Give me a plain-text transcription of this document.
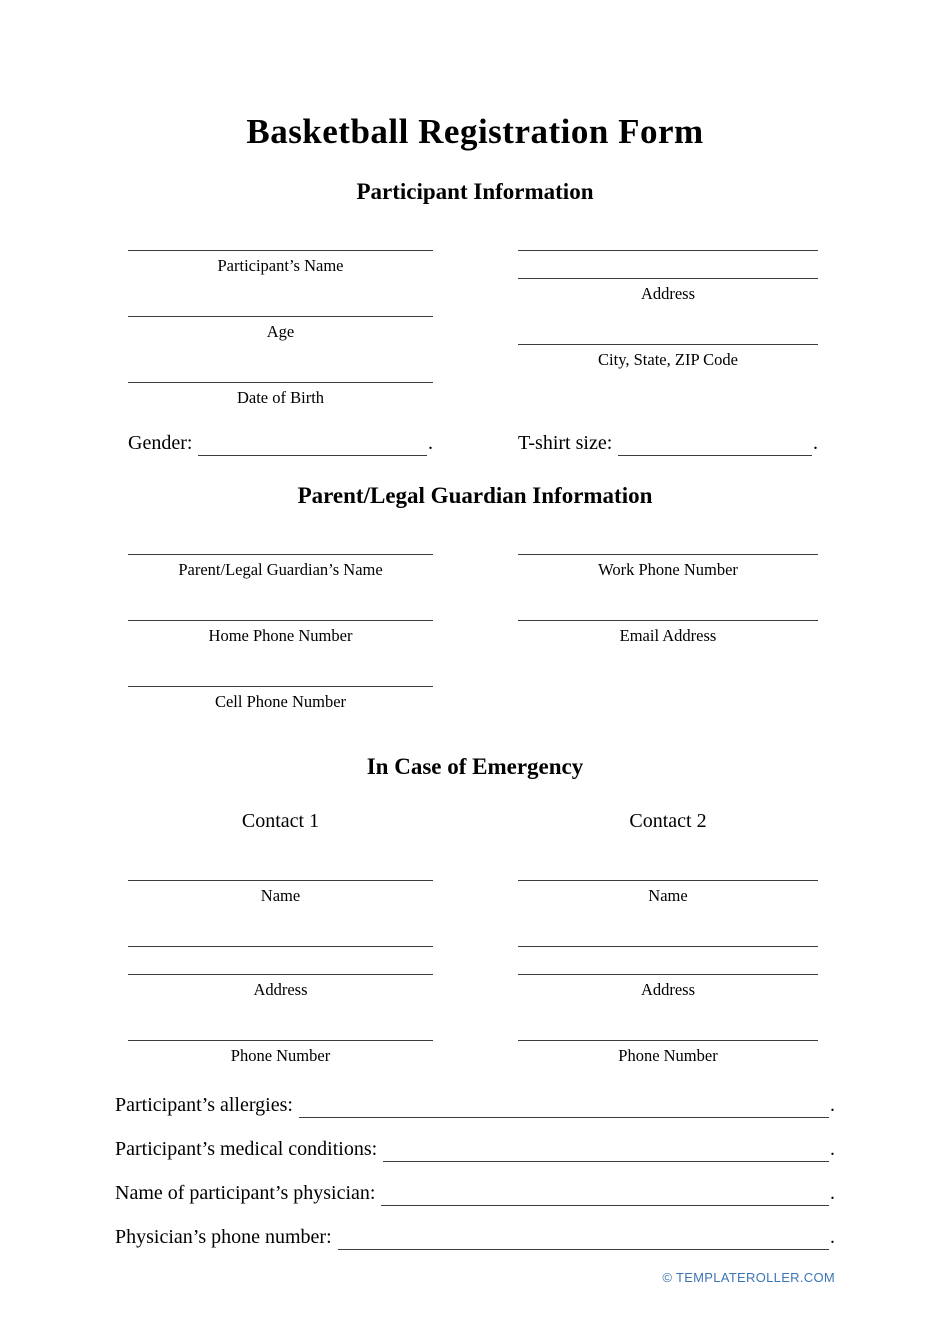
Basketball Registration Form
Participant Information
Participant’s Name
Age
Date of Birth
Address
City, State, ZIP Code
Gender:	.	T-shirt size:	.
Parent/Legal Guardian Information
Parent/Legal Guardian’s Name
Home Phone Number
Cell Phone Number
Work Phone Number
Email Address
In Case of Emergency
Contact 1
Name
Address
Phone Number
Contact 2
Name
Address
Phone Number
Participant’s allergies:	.
Participant’s medical conditions:	.
Name of participant’s physician:	.
Physician’s phone number:	.
© TEMPLATEROLLER.COM
